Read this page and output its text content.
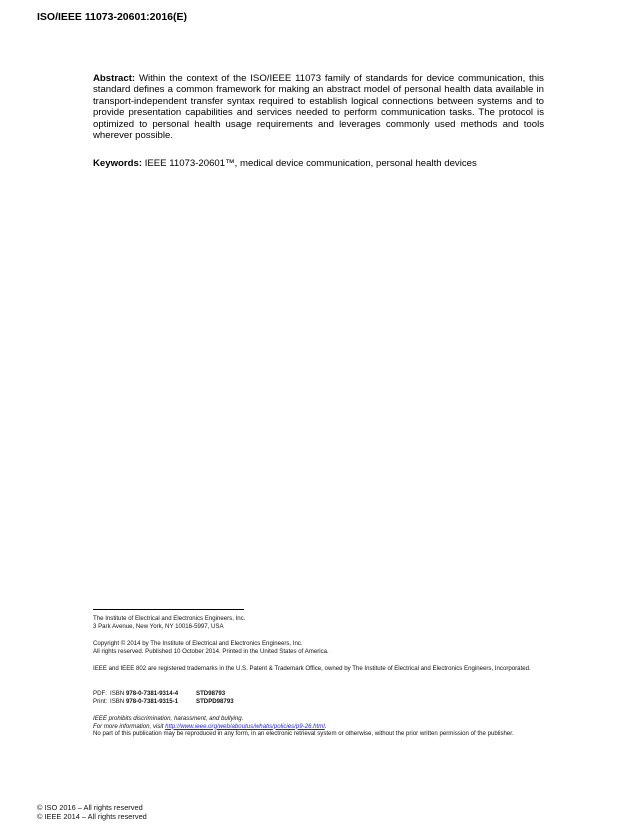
ISO/IEEE 11073-20601:2016(E)
Abstract: Within the context of the ISO/IEEE 11073 family of standards for device communication, this standard defines a common framework for making an abstract model of personal health data available in transport-independent transfer syntax required to establish logical connections between systems and to provide presentation capabilities and services needed to perform communication tasks. The protocol is optimized to personal health usage requirements and leverages commonly used methods and tools wherever possible.
Keywords: IEEE 11073-20601™, medical device communication, personal health devices

The Institute of Electrical and Electronics Engineers, Inc.

3 Park Avenue, New York, NY 10016-5997, USA

Copyright © 2014 by The Institute of Electrical and Electronics Engineers, Inc.

All rights reserved. Published 10 October 2014. Printed in the United States of America.

IEEE and IEEE 802 are registered trademarks in the U.S. Patent & Trademark Office, owned by The Institute of Electrical and Electronics Engineers, Incorporated.

PDF: ISBN 978-0-7381-9314-4	STD98793
Print: ISBN 978-0-7381-9315-1	STDPD98793

IEEE prohibits discrimination, harassment, and bullying.

For more information, visit http://www.ieee.org/web/aboutus/whatis/policies/p9-26.html.

No part of this publication may be reproduced in any form, in an electronic retrieval system or otherwise, without the prior written permission of the publisher.

© ISO 2016 – All rights reserved
© IEEE 2014 – All rights reserved
